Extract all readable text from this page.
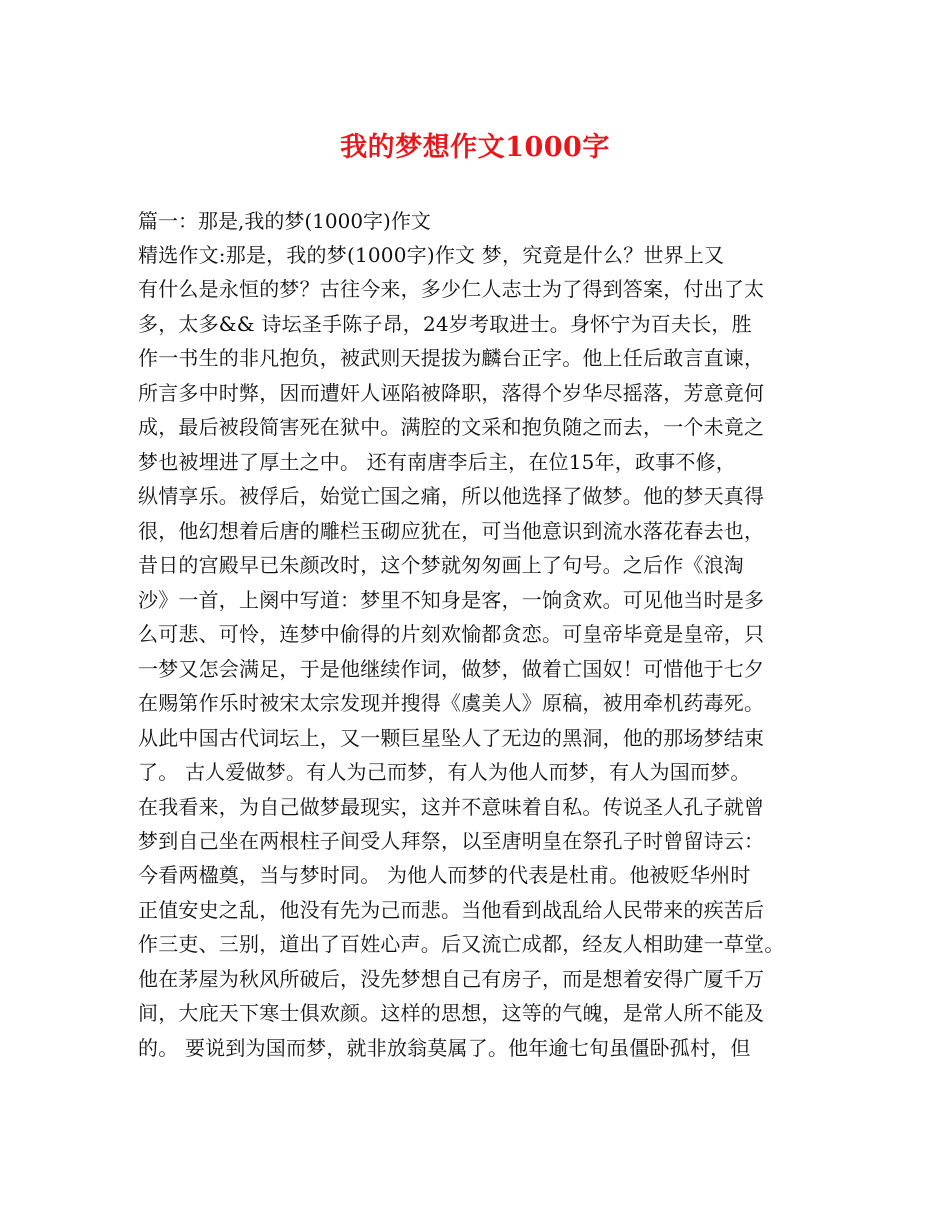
我的梦想作文1000字
篇一：那是,我的梦(1000字)作文
精选作文:那是，我的梦(1000字)作文 梦，究竟是什么？世界上又
有什么是永恒的梦？古往今来，多少仁人志士为了得到答案，付出了太
多，太多&& 诗坛圣手陈子昂，24岁考取进士。身怀宁为百夫长，胜
作一书生的非凡抱负，被武则天提拔为麟台正字。他上任后敢言直谏，
所言多中时弊，因而遭奸人诬陷被降职，落得个岁华尽摇落，芳意竟何
成，最后被段简害死在狱中。满腔的文采和抱负随之而去，一个未竟之
梦也被埋进了厚土之中。 还有南唐李后主，在位15年，政事不修，
纵情享乐。被俘后，始觉亡国之痛，所以他选择了做梦。他的梦天真得
很，他幻想着后唐的雕栏玉砌应犹在，可当他意识到流水落花春去也，
昔日的宫殿早已朱颜改时，这个梦就匆匆画上了句号。之后作《浪淘
沙》一首，上阕中写道：梦里不知身是客，一饷贪欢。可见他当时是多
么可悲、可怜，连梦中偷得的片刻欢愉都贪恋。可皇帝毕竟是皇帝，只
一梦又怎会满足，于是他继续作词，做梦，做着亡国奴！可惜他于七夕
在赐第作乐时被宋太宗发现并搜得《虞美人》原稿，被用牵机药毒死。
从此中国古代词坛上，又一颗巨星坠人了无边的黑洞，他的那场梦结束
了。 古人爱做梦。有人为己而梦，有人为他人而梦，有人为国而梦。
在我看来，为自己做梦最现实，这并不意味着自私。传说圣人孔子就曾
梦到自己坐在两根柱子间受人拜祭，以至唐明皇在祭孔子时曾留诗云：
今看两楹奠，当与梦时同。 为他人而梦的代表是杜甫。他被贬华州时
正值安史之乱，他没有先为己而悲。当他看到战乱给人民带来的疾苦后
作三吏、三别，道出了百姓心声。后又流亡成都，经友人相助建一草堂。
他在茅屋为秋风所破后，没先梦想自己有房子，而是想着安得广厦千万
间，大庇天下寒士俱欢颜。这样的思想，这等的气魄，是常人所不能及
的。 要说到为国而梦，就非放翁莫属了。他年逾七旬虽僵卧孤村，但
